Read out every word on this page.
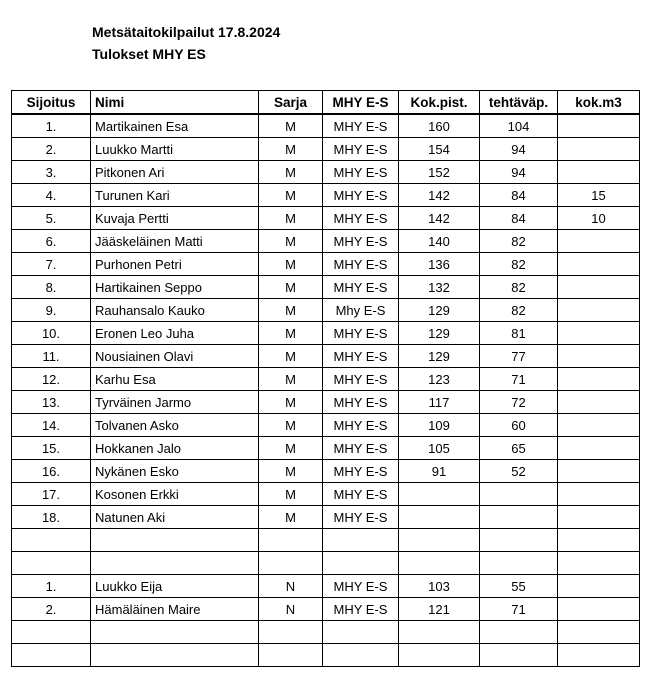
Metsätaitokilpailut 17.8.2024
Tulokset MHY ES
Sijoitus	Nimi	Sarja	MHY E-S	Kok.pist.	tehtäväp.	kok.m3
1.	Martikainen Esa	M	MHY E-S	160	104	
2.	Luukko Martti	M	MHY E-S	154	94	
3.	Pitkonen Ari	M	MHY E-S	152	94	
4.	Turunen Kari	M	MHY E-S	142	84	15
5.	Kuvaja Pertti	M	MHY E-S	142	84	10
6.	Jääskeläinen Matti	M	MHY E-S	140	82	
7.	Purhonen Petri	M	MHY E-S	136	82	
8.	Hartikainen Seppo	M	MHY E-S	132	82	
9.	Rauhansalo Kauko	M	Mhy E-S	129	82	
10.	Eronen Leo Juha	M	MHY E-S	129	81	
11.	Nousiainen Olavi	M	MHY E-S	129	77	
12.	Karhu Esa	M	MHY E-S	123	71	
13.	Tyrväinen Jarmo	M	MHY E-S	117	72	
14.	Tolvanen Asko	M	MHY E-S	109	60	
15.	Hokkanen Jalo	M	MHY E-S	105	65	
16.	Nykänen Esko	M	MHY E-S	91	52	
17.	Kosonen Erkki	M	MHY E-S			
18.	Natunen Aki	M	MHY E-S			

1.	Luukko Eija	N	MHY E-S	103	55	
2.	Hämäläinen Maire	N	MHY E-S	121	71	
